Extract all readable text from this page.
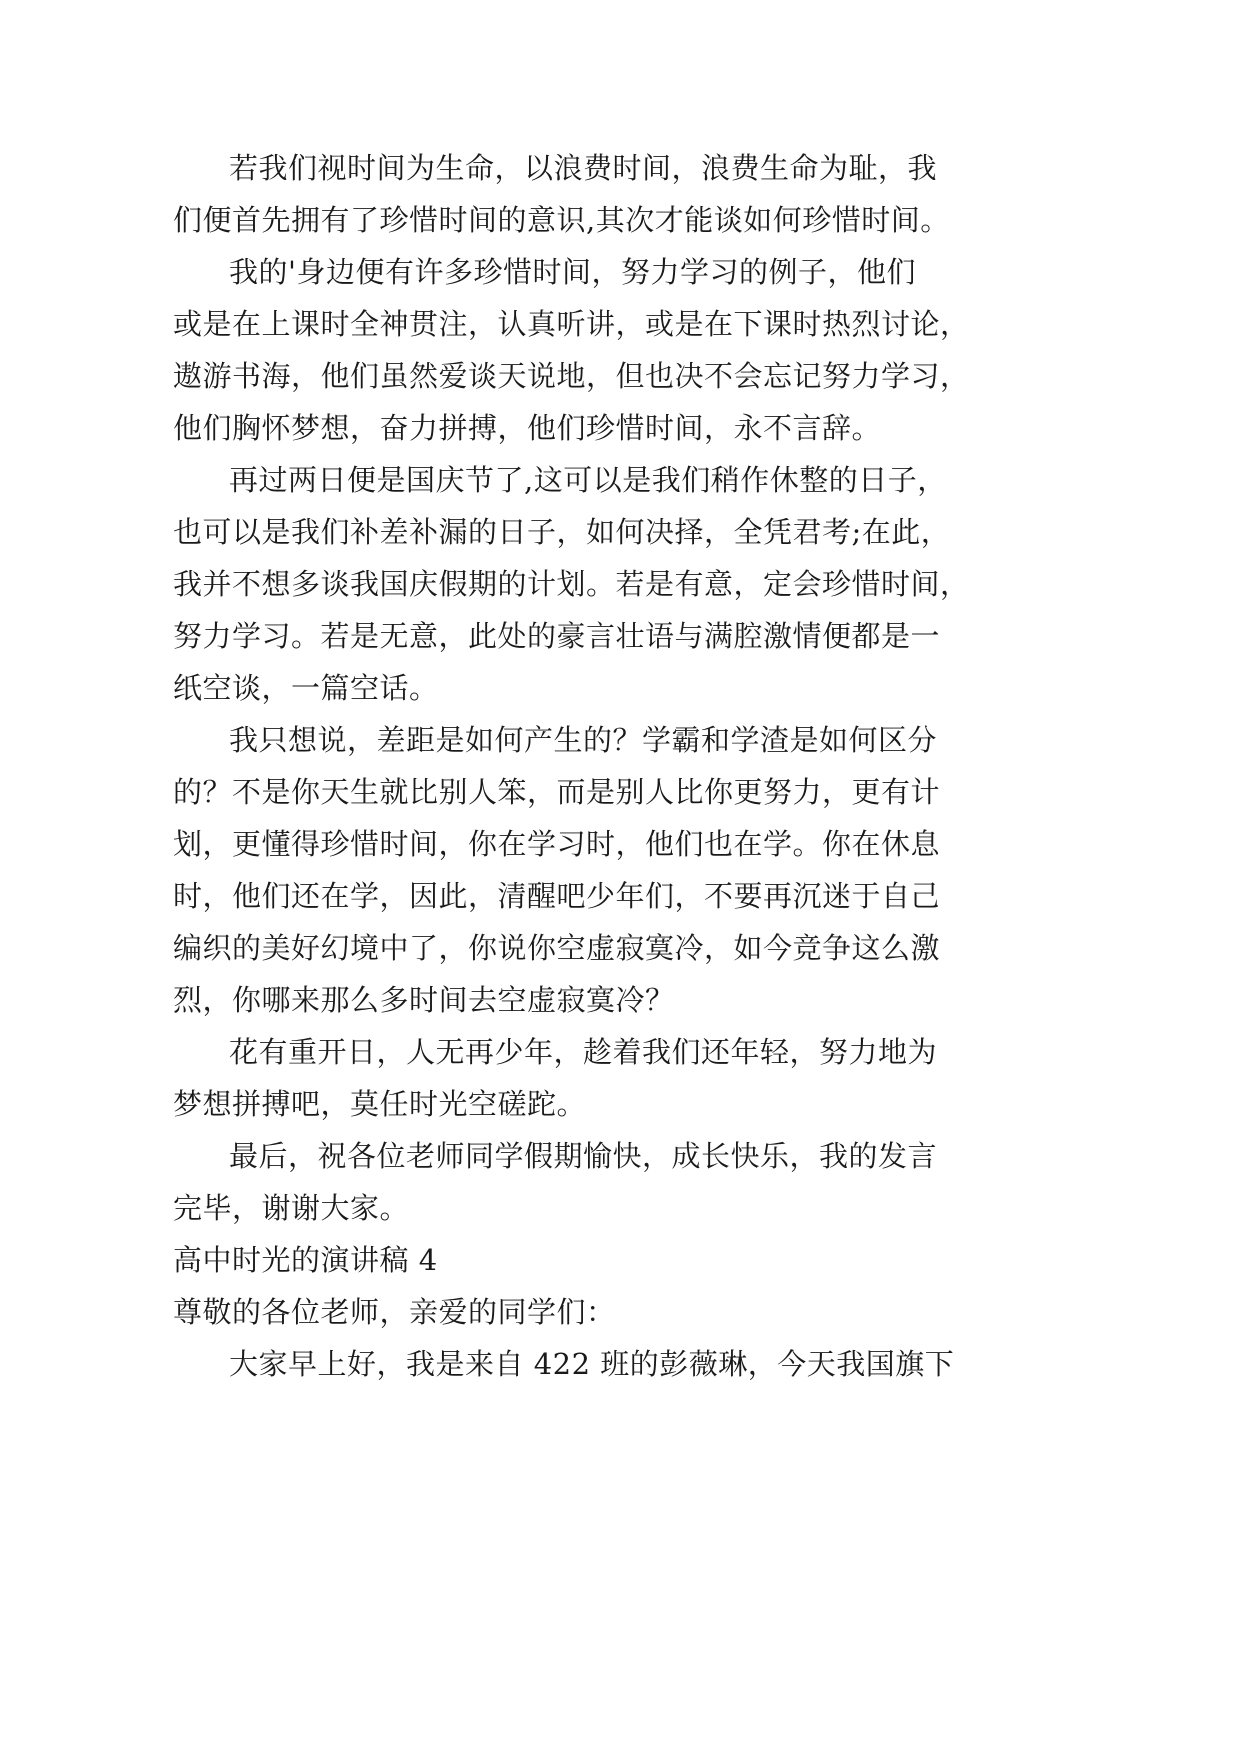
若我们视时间为生命，以浪费时间，浪费生命为耻，我

们便首先拥有了珍惜时间的意识,其次才能谈如何珍惜时间。

我的'身边便有许多珍惜时间，努力学习的例子，他们

或是在上课时全神贯注，认真听讲，或是在下课时热烈讨论，

遨游书海，他们虽然爱谈天说地，但也决不会忘记努力学习，

他们胸怀梦想，奋力拼搏，他们珍惜时间，永不言辞。

再过两日便是国庆节了,这可以是我们稍作休整的日子，

也可以是我们补差补漏的日子，如何决择，全凭君考;在此，

我并不想多谈我国庆假期的计划。若是有意，定会珍惜时间，

努力学习。若是无意，此处的豪言壮语与满腔激情便都是一

纸空谈，一篇空话。

我只想说，差距是如何产生的？学霸和学渣是如何区分

的？不是你天生就比别人笨，而是别人比你更努力，更有计

划，更懂得珍惜时间，你在学习时，他们也在学。你在休息

时，他们还在学，因此，清醒吧少年们，不要再沉迷于自己

编织的美好幻境中了，你说你空虚寂寞冷，如今竞争这么激

烈，你哪来那么多时间去空虚寂寞冷？

花有重开日，人无再少年，趁着我们还年轻，努力地为

梦想拼搏吧，莫任时光空磋跎。

最后，祝各位老师同学假期愉快，成长快乐，我的发言

完毕，谢谢大家。

高中时光的演讲稿 4

尊敬的各位老师，亲爱的同学们：

大家早上好，我是来自 422 班的彭薇琳，今天我国旗下
